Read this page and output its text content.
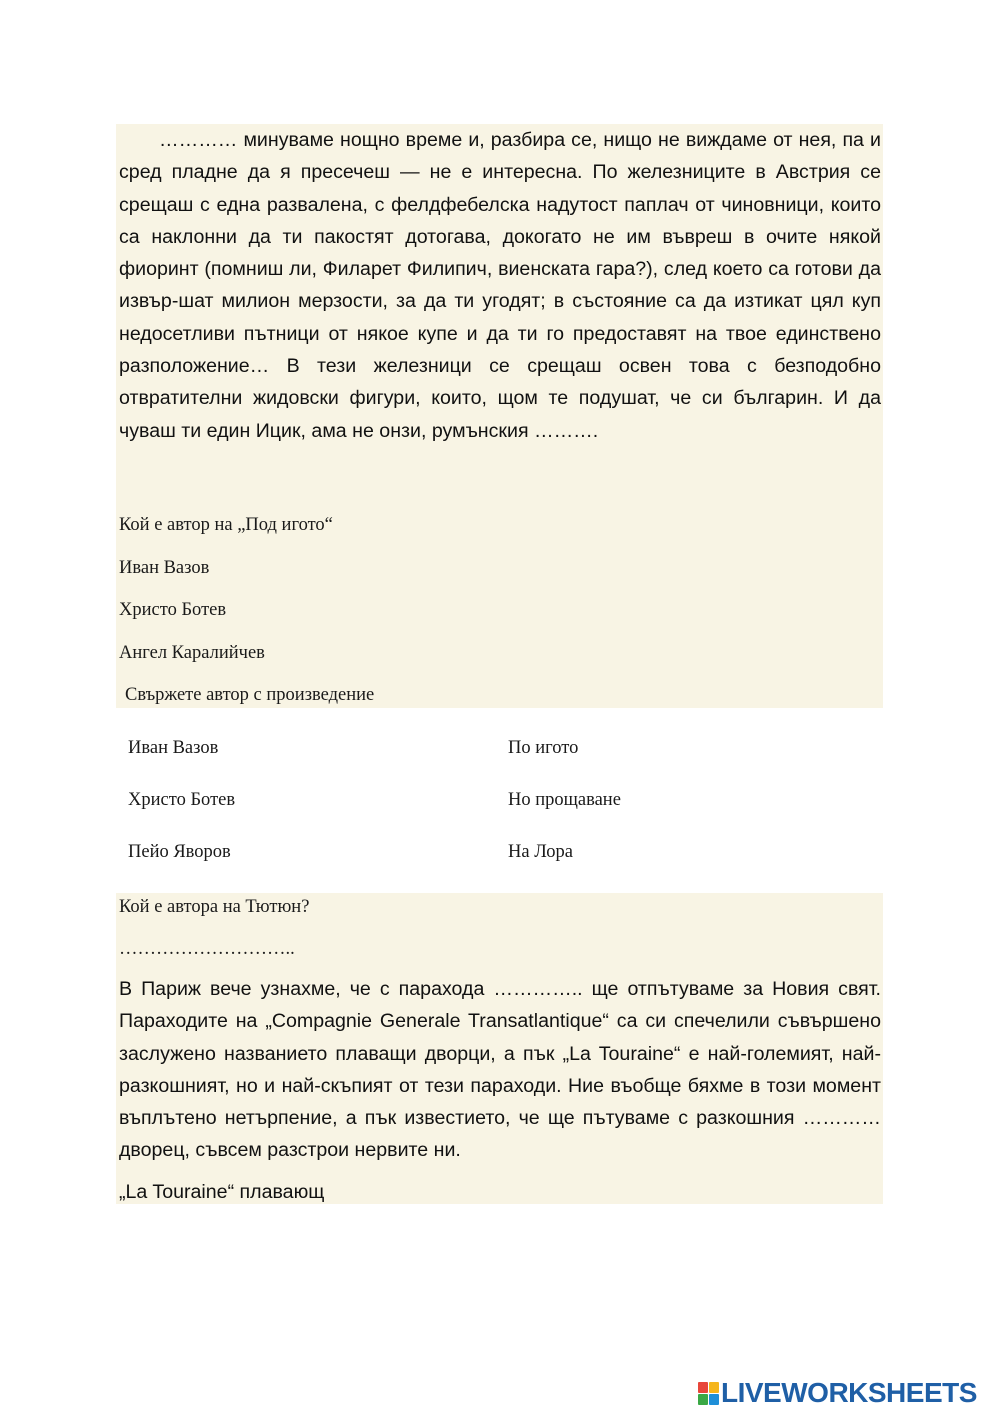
………… минуваме нощно време и, разбира се, нищо не виждаме от нея, па и сред пладне да я пресечеш — не е интересна. По железниците в Австрия се срещаш с една развалена, с фелдфебелска надутост паплач от чиновници, които са наклонни да ти пакостят дотогава, докогато не им въвреш в очите някой фиоринт (помниш ли, Филарет Филипич, виенската гара?), след което са готови да извър-шат милион мерзости, за да ти угодят; в състояние са да изтикат цял куп недосетливи пътници от някое купе и да ти го предоставят на твое единствено разположение… В тези железници се срещаш освен това с безподобно отвратителни жидовски фигури, които, щом те подушат, че си българин. И да чуваш ти един Ицик, ама не онзи, румънския ……….
Кой е автор на „Под игото“
Иван Вазов
Христо Ботев
Ангел Каралийчев
Свържете автор с произведение
Иван Вазов
Христо Ботев
Пейо Яворов
По игото
Но прощаване
На Лора
В Париж вече узнахме, че с парахода ………….. ще отпътуваме за Новия свят. Параходите на „Compagnie Generale Transatlantique“ са си спечелили съвършено заслужено названието плаващи дворци, а пък „La Touraine“ е най-големият, най-разкошният, но и най-скъпият от тези параходи. Ние въобще бяхме в този момент въплътено нетърпение, а пък известието, че ще пътуваме с разкошния …………дворец, съвсем разстрои нервите ни.
Кой е автора на Тютюн?
………………………..
„La Touraine“ плавающ
LIVEWORKSHEETS
